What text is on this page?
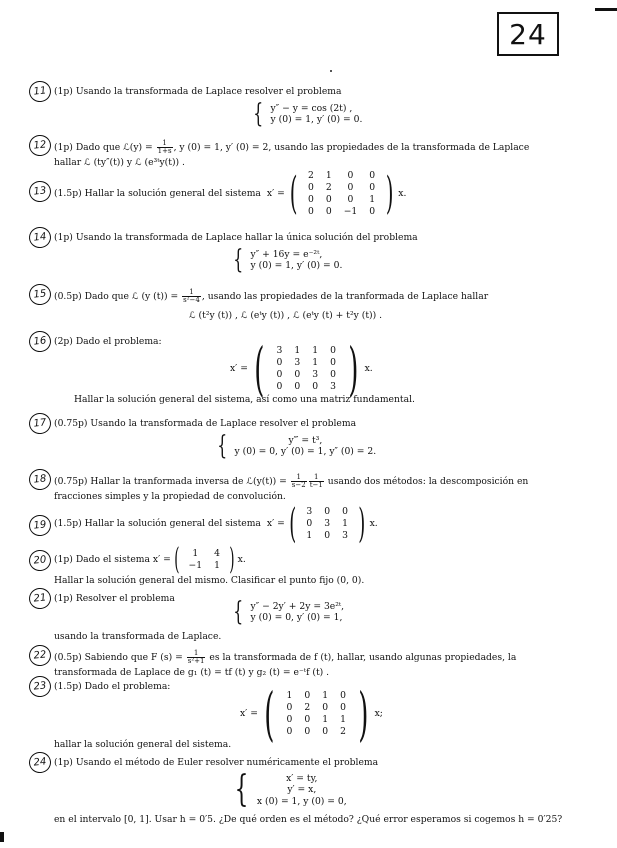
24
11 (1p) Usando la transformada de Laplace resolver el problema
{ y″ − y = cos (2t) ,
y (0) = 1, y′ (0) = 0.
12 (1p) Dado que ℒ(y) = $\frac{1}{1+s}$ , y (0) = 1, y′ (0) = 2, usando las propiedades de la transformada de Laplace
hallar ℒ (ty″(t)) y ℒ (e³ᵗy(t)) .
13 (1.5p) Hallar la solución general del sistema x′ = ( 2	1	0	0
0	2	0	0
0	0	0	1
0	0	−1	0 ) x.
14 (1p) Usando la transformada de Laplace hallar la única solución del problema
{ y″ + 16y = e⁻²ᵗ,
y (0) = 1, y′ (0) = 0.
15 (0.5p) Dado que ℒ (y $(t)) = \frac{1}{\text{s²−4}}$ , usando las propiedades de la tranformada de Laplace hallar
ℒ (t²y (t)) , ℒ (eᵗy (t)) , ℒ (eᵗy (t) + t²y (t)) .
16 (2p) Dado el problema:
x′ = ( 3	1	1	0
0	3	1	0
0	0	3	0
0	0	0	3 ) x.
Hallar la solución general del sistema, así como una matriz fundamental.
17 (0.75p) Usando la transformada de Laplace resolver el problema
{	y‴ = t³,
y (0) = 0, y′ (0) = 1, y″ (0) = 2.
18 (0.75p) Hallar la tranformada inversa de ℒ(y(t)) = $\frac{1}{s-2} \frac{1}{t-1}$ usando dos métodos: la descomposición en
fracciones simples y la propiedad de convolución.
19 (1.5p) Hallar la solución general del sistema x′ = ( 3	0	0
0	3	1
1	0	3 ) x.
20 (1p) Dado el sistema x′ = ( 1	4
−1	1 ) x.
Hallar la solución general del mismo. Clasificar el punto fijo (0, 0).
21 (1p) Resolver el problema	{ y″ − 2y′ + 2y = 3e²ᵗ,
y (0) = 0, y′ (0) = 1,
usando la transformada de Laplace.
22 (0.5p) Sabiendo que F $(s) = \frac{1}{\text{s²+1}}$ es la transformada de f (t), hallar, usando algunas propiedades, la
transformada de Laplace de g₁ (t) = tf (t) y g₂ (t) = e⁻ᵗf (t) .
23 (1.5p) Dado el problema:
x′ = ( 1	0	1	0
0	2	0	0
0	0	1	1
0	0	0	2 ) x;
hallar la solución general del sistema.
24 (1p) Usando el método de Euler resolver numéricamente el problema
{	x′ = ty,
y′ = x,
x (0) = 1, y (0) = 0,
en el intervalo [0, 1]. Usar h = 0′5. ¿De qué orden es el método? ¿Qué error esperamos si cogemos h = 0′25?
